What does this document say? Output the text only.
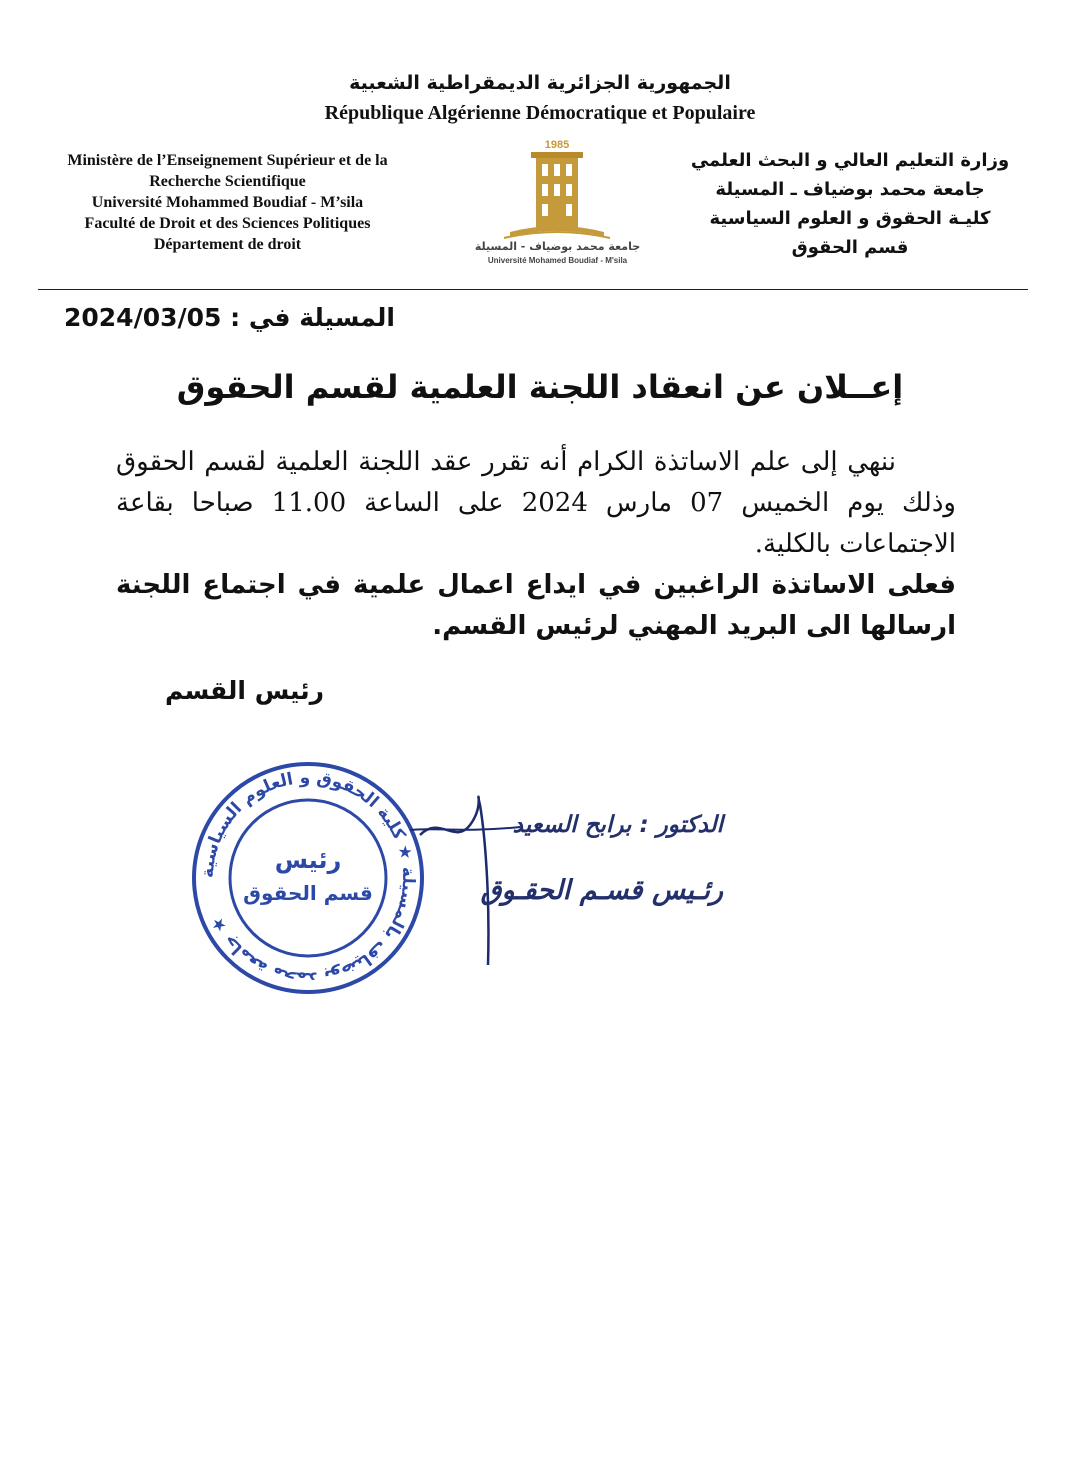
الجمهورية الجزائرية الديمقراطية الشعبية
République Algérienne Démocratique et Populaire
Ministère de l’Enseignement Supérieur et de la
Recherche Scientifique
Université Mohammed Boudiaf - M’sila
Faculté de Droit et des Sciences Politiques
Département de droit
1985
جامعة محمد بوضياف - المسيلة
Université Mohamed Boudiaf - M'sila
وزارة التعليم العالي و البحث العلمي
جامعة محمد بوضياف ـ المسيلة
كليـة الحقوق و العلوم السياسية
قسم الحقوق
المسيلة في : 2024/03/05
إعــلان عن انعقاد اللجنة العلمية لقسم الحقوق

ننهي إلى علم الاساتذة الكرام أنه تقرر عقد اللجنة العلمية لقسم الحقوق وذلك يوم الخميس 07 مارس 2024 على الساعة 11.00 صباحا بقاعة الاجتماعات بالكلية.

فعلى الاساتذة الراغبين في ايداع اعمال علمية في اجتماع اللجنة ارسالها الى البريد المهني لرئيس القسم.

رئيس القسم
جامعة محمد بوضياف بالمسيلة ★ كلية الحقوق و العلوم السياسية ★
رئيس
قسم الحقوق
الدكتور : برابح السعيد
رئـيس قسـم الحقـوق
